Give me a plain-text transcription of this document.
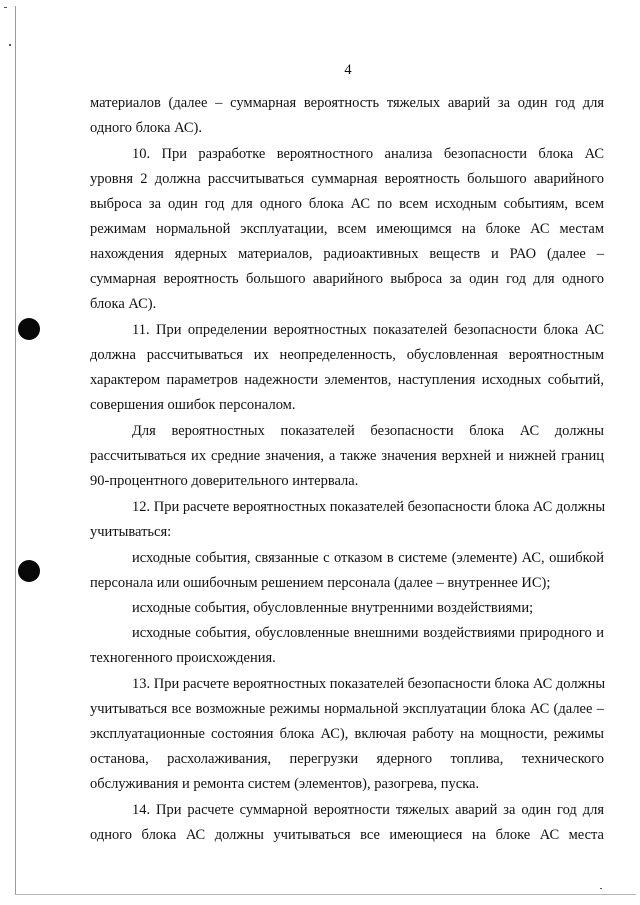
4
материалов (далее – суммарная вероятность тяжелых аварий за один год для
одного блока АС).
10. При разработке вероятностного анализа безопасности блока АС
уровня 2 должна рассчитываться суммарная вероятность большого аварийного
выброса за один год для одного блока АС по всем исходным событиям, всем
режимам нормальной эксплуатации, всем имеющимся на блоке АС местам
нахождения ядерных материалов, радиоактивных веществ и РАО (далее –
суммарная вероятность большого аварийного выброса за один год для одного
блока АС).
11. При определении вероятностных показателей безопасности блока АС
должна рассчитываться их неопределенность, обусловленная вероятностным
характером параметров надежности элементов, наступления исходных событий,
совершения ошибок персоналом.
Для вероятностных показателей безопасности блока АС должны
рассчитываться их средние значения, а также значения верхней и нижней границ
90-процентного доверительного интервала.
12. При расчете вероятностных показателей безопасности блока АС должны
учитываться:
исходные события, связанные с отказом в системе (элементе) АС, ошибкой
персонала или ошибочным решением персонала (далее – внутреннее ИС);
исходные события, обусловленные внутренними воздействиями;
исходные события, обусловленные внешними воздействиями природного и
техногенного происхождения.
13. При расчете вероятностных показателей безопасности блока АС должны
учитываться все возможные режимы нормальной эксплуатации блока АС (далее –
эксплуатационные состояния блока АС), включая работу на мощности, режимы
останова, расхолаживания, перегрузки ядерного топлива, технического
обслуживания и ремонта систем (элементов), разогрева, пуска.
14. При расчете суммарной вероятности тяжелых аварий за один год для
одного блока АС должны учитываться все имеющиеся на блоке АС места
